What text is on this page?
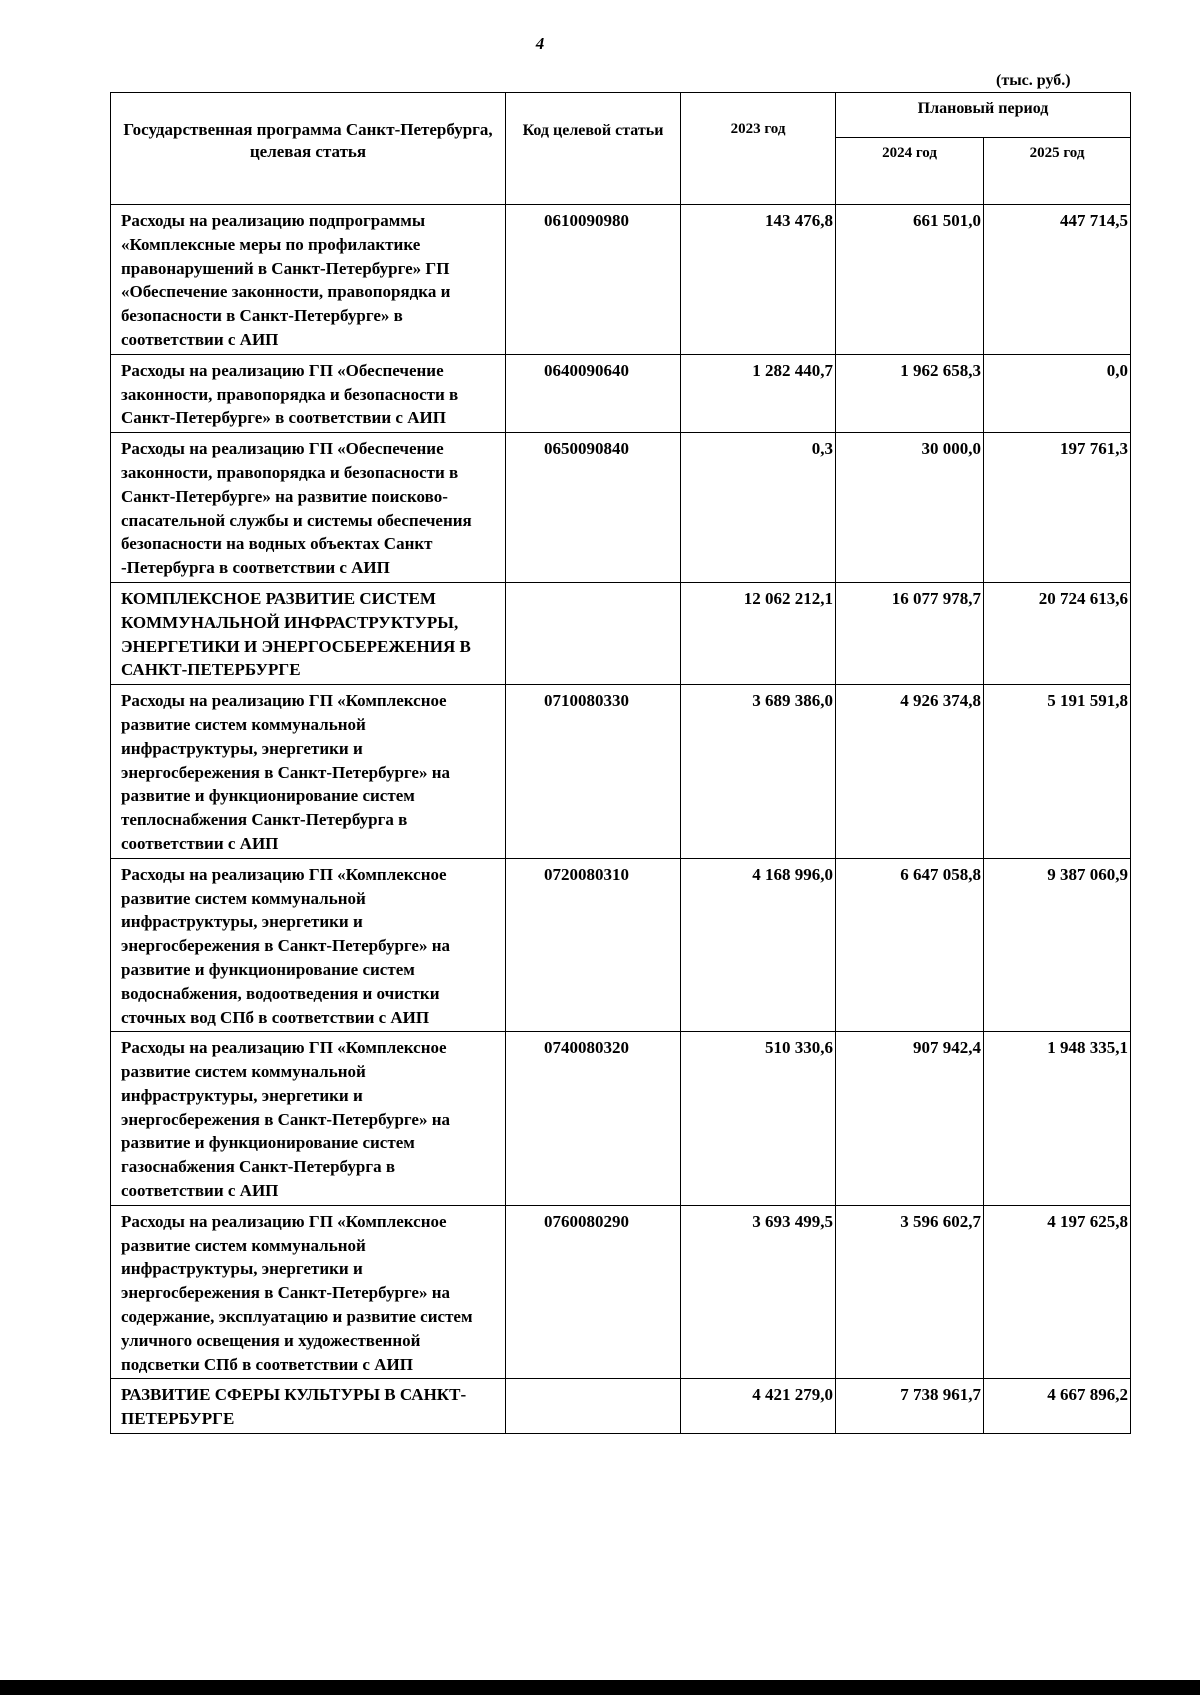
4
(тыс. руб.)
Государственная программа Санкт-Петербурга, целевая статья	Код целевой статьи	2023 год	Плановый период	
			2024 год	2025 год
Расходы на реализацию подпрограммы «Комплексные меры по профилактике правонарушений в Санкт-Петербурге» ГП «Обеспечение законности, правопорядка и безопасности в Санкт-Петербурге» в соответствии с АИП	0610090980	143 476,8	661 501,0	447 714,5
Расходы на реализацию ГП «Обеспечение законности, правопорядка и безопасности в Санкт-Петербурге» в соответствии с АИП	0640090640	1 282 440,7	1 962 658,3	0,0
Расходы на реализацию ГП «Обеспечение законности, правопорядка и безопасности в Санкт-Петербурге» на развитие поисково-спасательной службы и системы обеспечения безопасности на водных объектах Санкт -Петербурга в соответствии с АИП	0650090840	0,3	30 000,0	197 761,3
КОМПЛЕКСНОЕ РАЗВИТИЕ СИСТЕМ КОММУНАЛЬНОЙ ИНФРАСТРУКТУРЫ, ЭНЕРГЕТИКИ И ЭНЕРГОСБЕРЕЖЕНИЯ В САНКТ-ПЕТЕРБУРГЕ		12 062 212,1	16 077 978,7	20 724 613,6
Расходы на реализацию ГП «Комплексное развитие систем коммунальной инфраструктуры, энергетики и энергосбережения в Санкт-Петербурге» на развитие и функционирование систем теплоснабжения Санкт-Петербурга в соответствии с АИП	0710080330	3 689 386,0	4 926 374,8	5 191 591,8
Расходы на реализацию ГП «Комплексное развитие систем коммунальной инфраструктуры, энергетики и энергосбережения в Санкт-Петербурге» на развитие и функционирование систем водоснабжения, водоотведения и очистки сточных вод СПб в соответствии с АИП	0720080310	4 168 996,0	6 647 058,8	9 387 060,9
Расходы на реализацию ГП «Комплексное развитие систем коммунальной инфраструктуры, энергетики и энергосбережения в Санкт-Петербурге» на развитие и функционирование систем газоснабжения Санкт-Петербурга в соответствии с АИП	0740080320	510 330,6	907 942,4	1 948 335,1
Расходы на реализацию ГП «Комплексное развитие систем коммунальной инфраструктуры, энергетики и энергосбережения в Санкт-Петербурге» на содержание, эксплуатацию и развитие систем уличного освещения и художественной подсветки СПб в соответствии с АИП	0760080290	3 693 499,5	3 596 602,7	4 197 625,8
РАЗВИТИЕ СФЕРЫ КУЛЬТУРЫ В САНКТ-ПЕТЕРБУРГЕ		4 421 279,0	7 738 961,7	4 667 896,2
